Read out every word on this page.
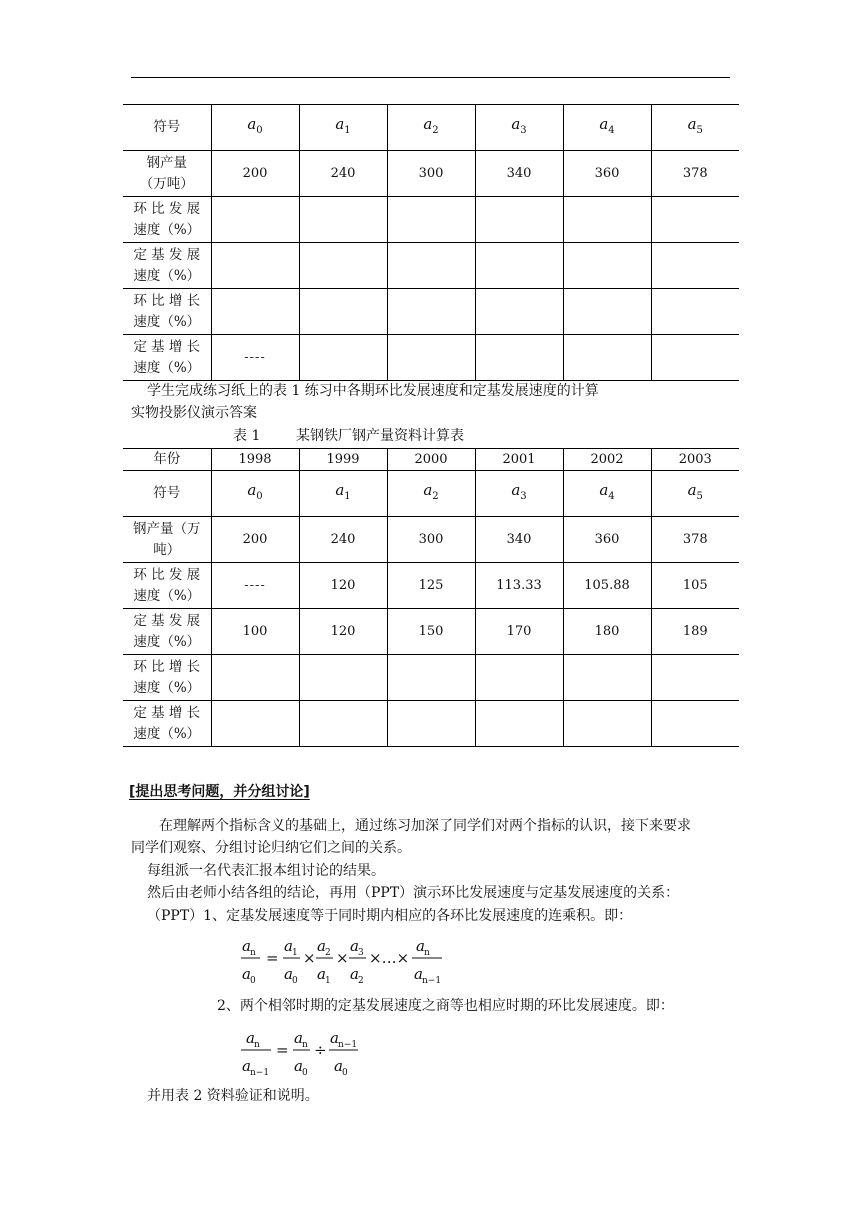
符号	$a_0$	$a_1$	$a_2$	$a_3$	$a_4$	$a_5$
钢产量
（万吨）	200	240	300	340	360	378
环 比 发 展
速度（%）						
定 基 发 展
速度（%）						
环 比 增 长
速度（%）						
定 基 增 长
速度（%）	----					
学生完成练习纸上的表 1 练习中各期环比发展速度和定基发展速度的计算
实物投影仪演示答案
表 1	某钢铁厂钢产量资料计算表
年份	1998	1999	2000	2001	2002	2003
符号	$a_0$	$a_1$	$a_2$	$a_3$	$a_4$	$a_5$
钢产量（万
吨）	200	240	300	340	360	378
环 比 发 展
速度（%）	----	120	125	113.33	105.88	105
定 基 发 展
速度（%）	100	120	150	170	180	189
环 比 增 长
速度（%）						
定 基 增 长
速度（%）						
[提出思考问题，并分组讨论]
在理解两个指标含义的基础上，通过练习加深了同学们对两个指标的认识，接下来要求
同学们观察、分组讨论归纳它们之间的关系。
每组派一名代表汇报本组讨论的结果。
然后由老师小结各组的结论，再用（PPT）演示环比发展速度与定基发展速度的关系：
（PPT）1、定基发展速度等于同时期内相应的各环比发展速度的连乘积。即：
a n
a 0
=
a 1
a 0
×
a 2
a 1
×
a 3
a 2
×…×
a n
a n−1
2、两个相邻时期的定基发展速度之商等也相应时期的环比发展速度。即：
a n
a n−1
=
a n
a 0
÷
a n−1
a 0
并用表 2 资料验证和说明。
